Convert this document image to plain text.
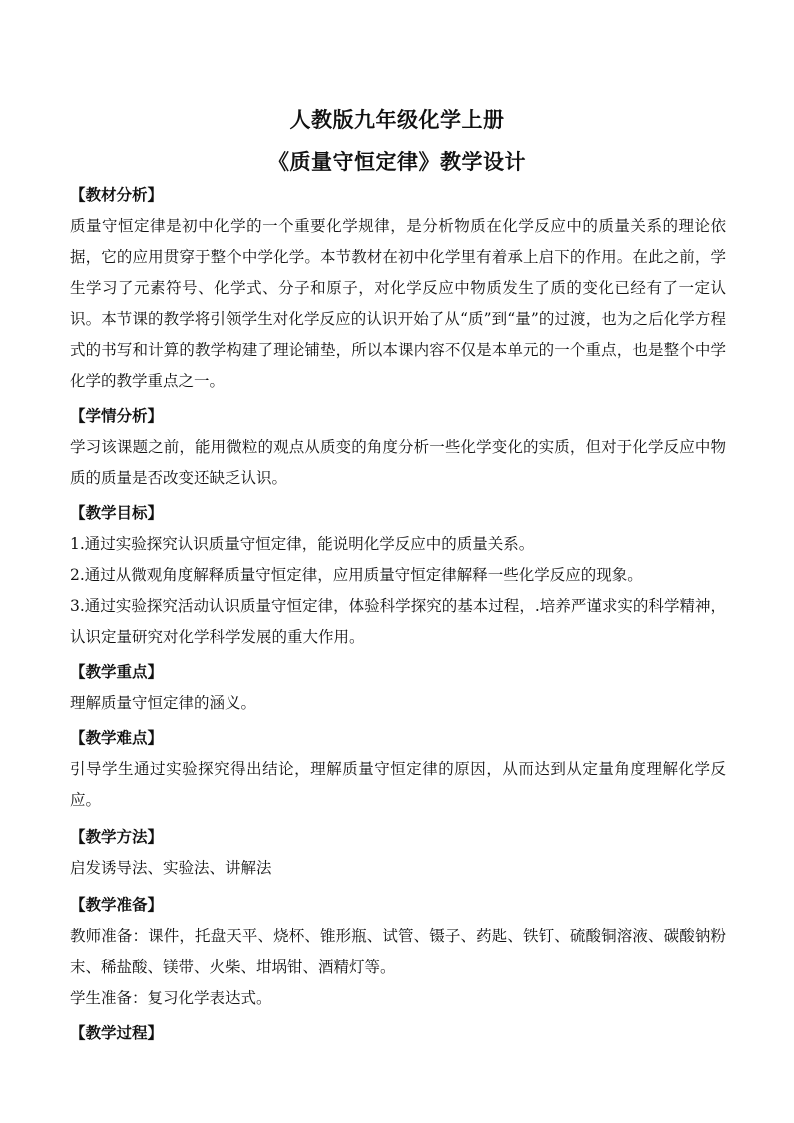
人教版九年级化学上册
《质量守恒定律》教学设计

【教材分析】

质量守恒定律是初中化学的一个重要化学规律，是分析物质在化学反应中的质量关系的理论依据，它的应用贯穿于整个中学化学。本节教材在初中化学里有着承上启下的作用。在此之前，学生学习了元素符号、化学式、分子和原子，对化学反应中物质发生了质的变化已经有了一定认识。本节课的教学将引领学生对化学反应的认识开始了从“质”到“量”的过渡，也为之后化学方程式的书写和计算的教学构建了理论铺垫，所以本课内容不仅是本单元的一个重点，也是整个中学化学的教学重点之一。

【学情分析】

学习该课题之前，能用微粒的观点从质变的角度分析一些化学变化的实质，但对于化学反应中物质的质量是否改变还缺乏认识。

【教学目标】

1.通过实验探究认识质量守恒定律，能说明化学反应中的质量关系。

2.通过从微观角度解释质量守恒定律，应用质量守恒定律解释一些化学反应的现象。

3.通过实验探究活动认识质量守恒定律，体验科学探究的基本过程，.培养严谨求实的科学精神，认识定量研究对化学科学发展的重大作用。

【教学重点】

理解质量守恒定律的涵义。

【教学难点】

引导学生通过实验探究得出结论，理解质量守恒定律的原因，从而达到从定量角度理解化学反应。

【教学方法】

启发诱导法、实验法、讲解法

【教学准备】

教师准备：课件，托盘天平、烧杯、锥形瓶、试管、镊子、药匙、铁钉、硫酸铜溶液、碳酸钠粉末、稀盐酸、镁带、火柴、坩埚钳、酒精灯等。

学生准备：复习化学表达式。

【教学过程】
